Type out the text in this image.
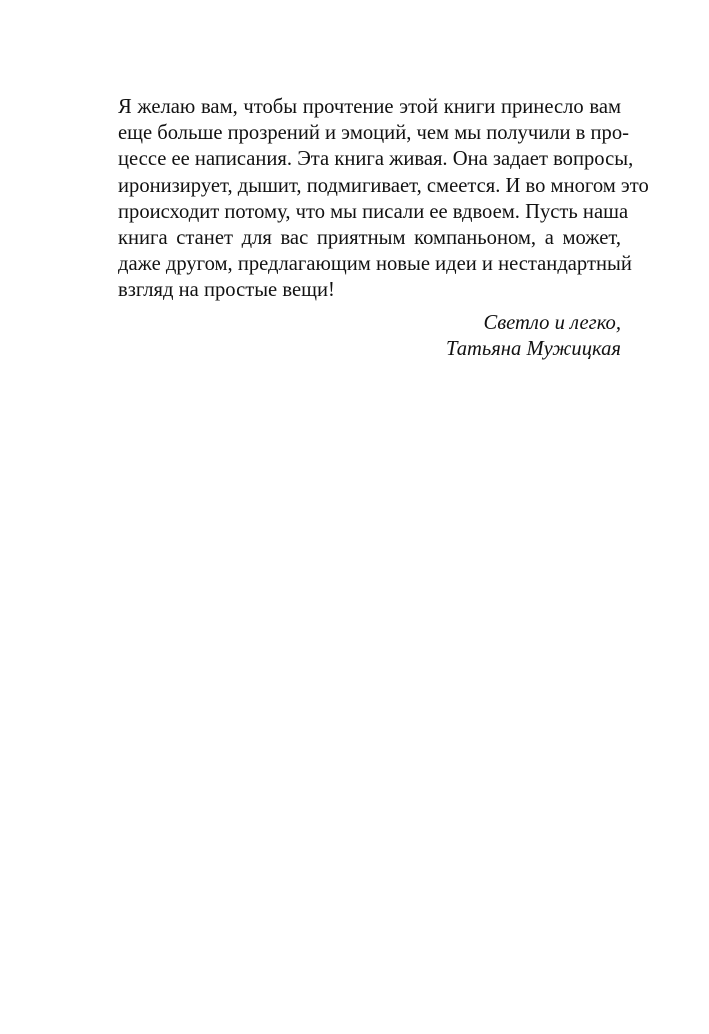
Я желаю вам, чтобы прочтение этой книги принесло вам
еще больше прозрений и эмоций, чем мы получили в про-
цессе ее написания. Эта книга живая. Она задает вопросы,
иронизирует, дышит, подмигивает, смеется. И во многом это
происходит потому, что мы писали ее вдвоем. Пусть наша
книга станет для вас приятным компаньоном, а может,
даже другом, предлагающим новые идеи и нестандартный
взгляд на простые вещи!

Светло и легко,
Татьяна Мужицкая
